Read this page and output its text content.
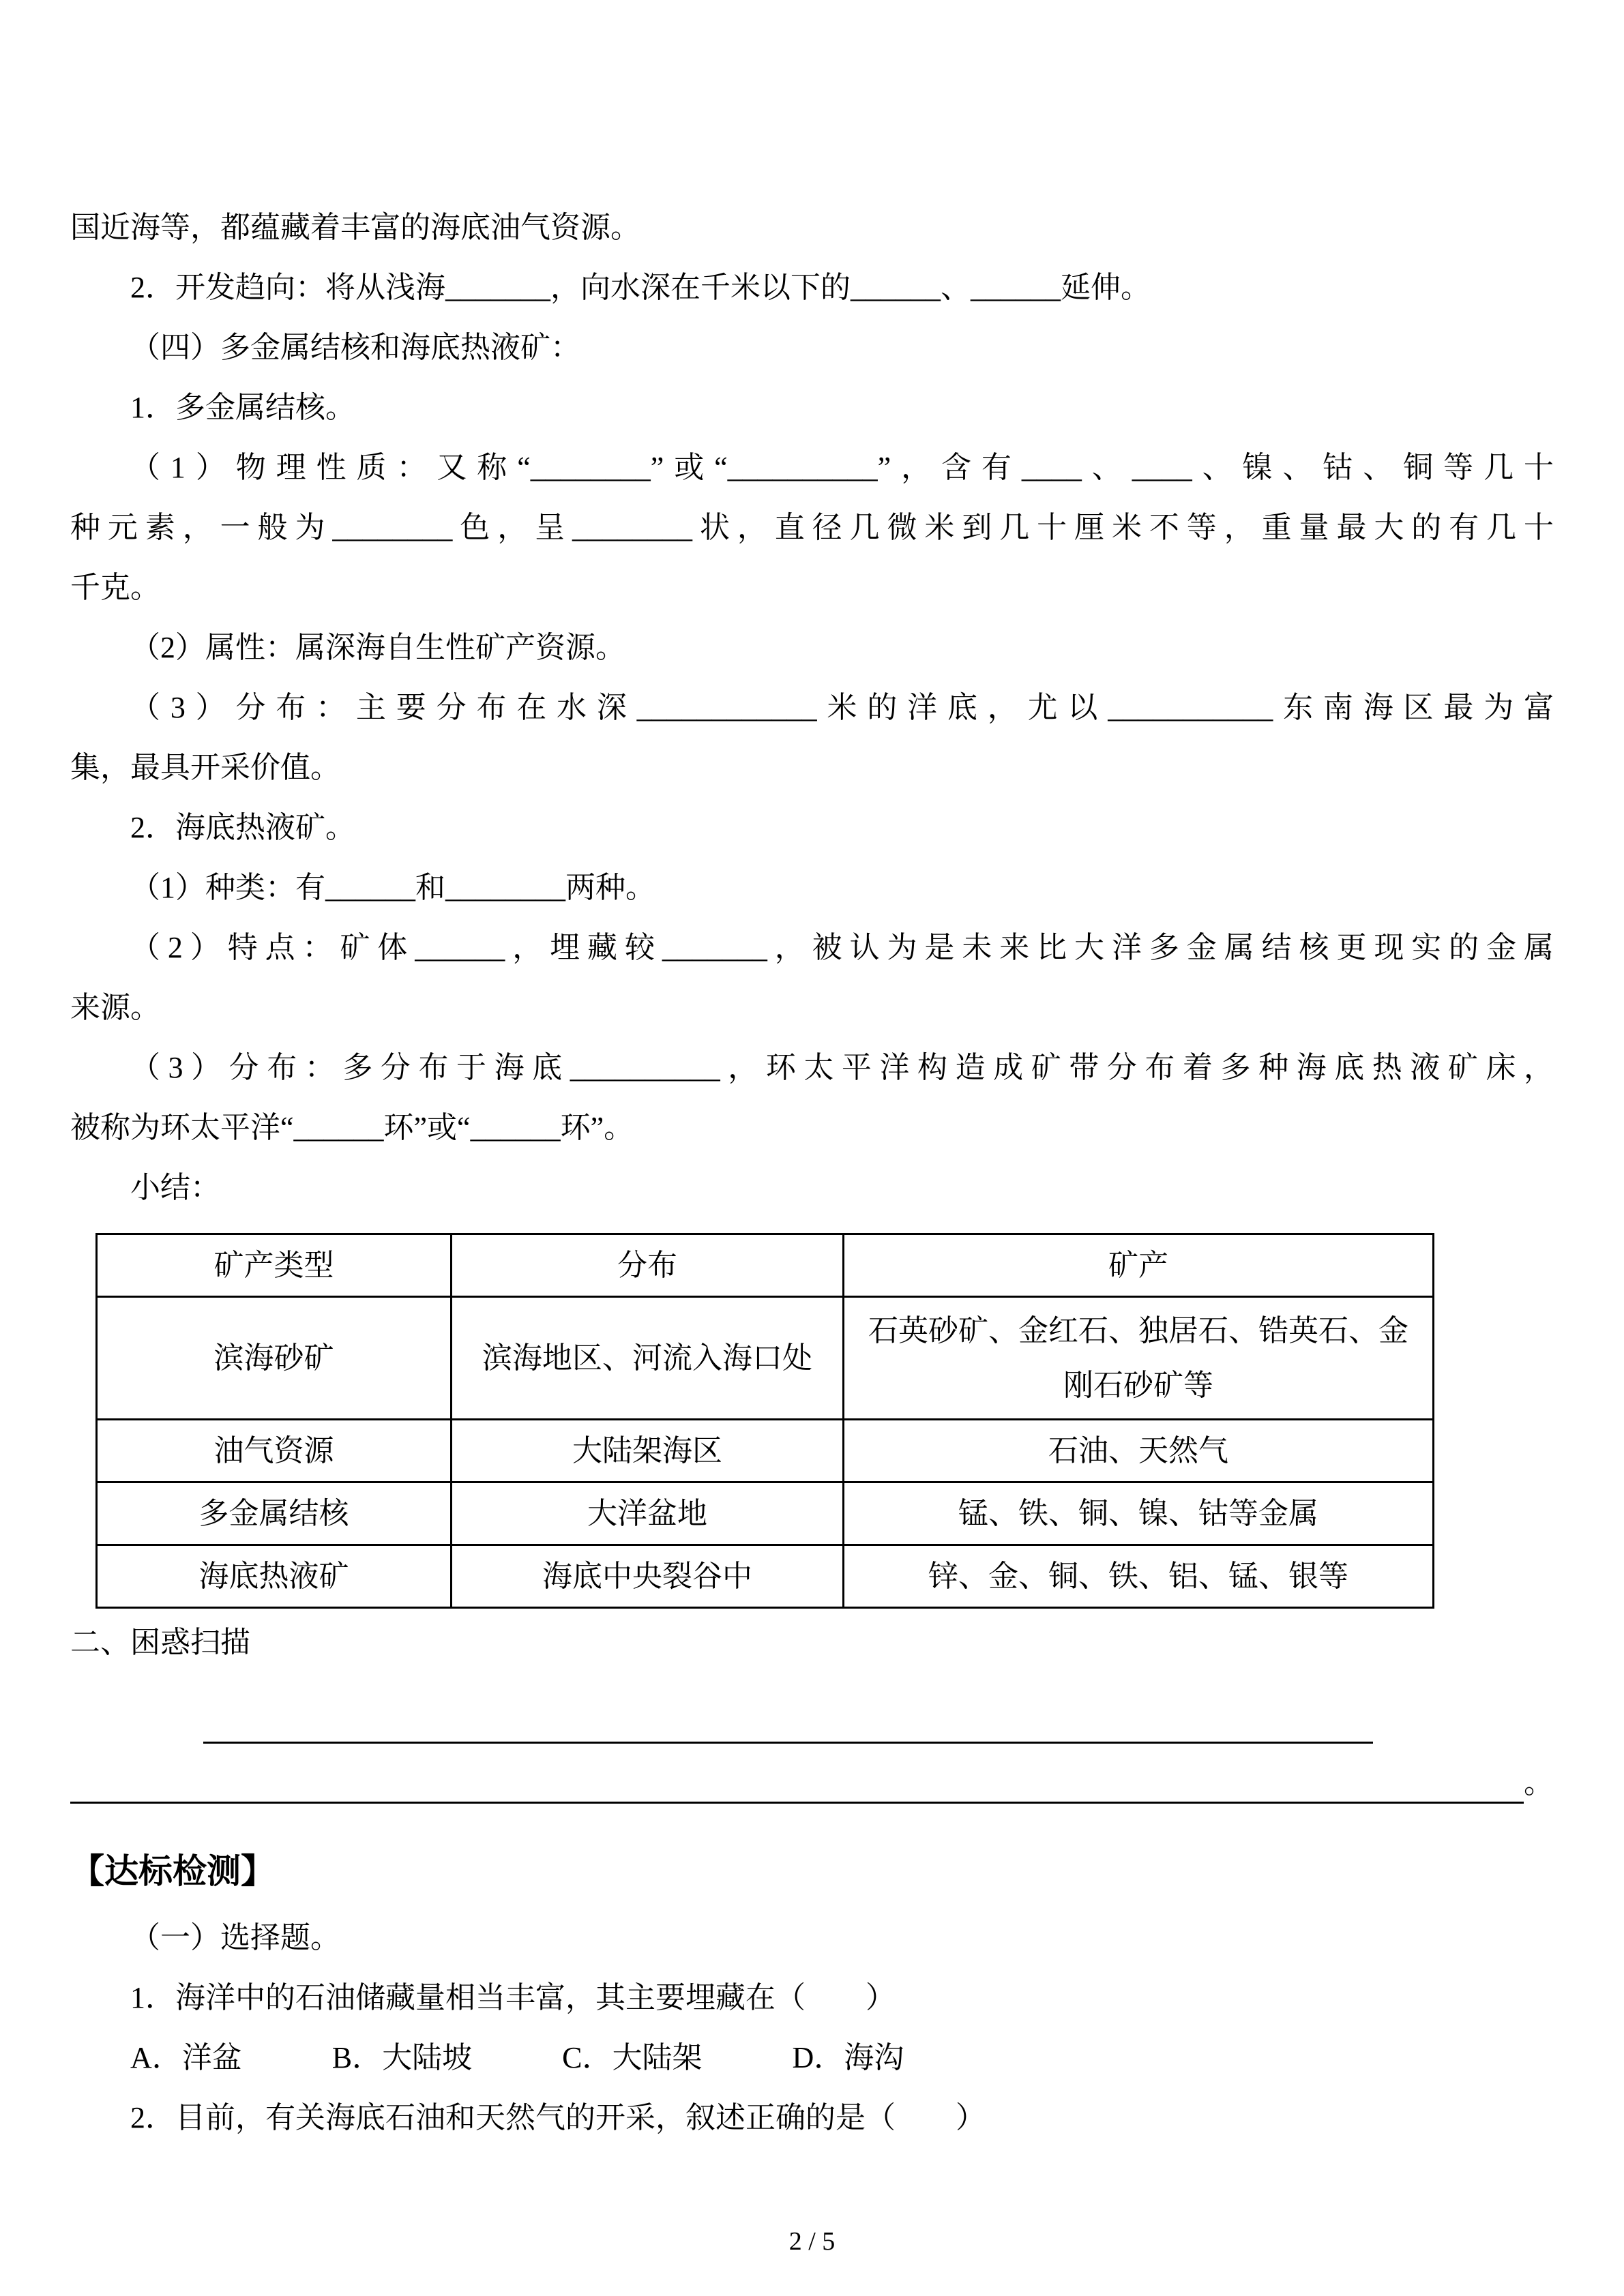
国近海等，都蕴藏着丰富的海底油气资源。
2．开发趋向：将从浅海_______，向水深在千米以下的______、______延伸。
（四）多金属结核和海底热液矿：
1．多金属结核。
（1）物理性质：又称“________”或“__________”，含有____、____、镍、钴、铜等几十
种元素，一般为________色，呈________状，直径几微米到几十厘米不等，重量最大的有几十
千克。
（2）属性：属深海自生性矿产资源。
（3）分布：主要分布在水深____________米的洋底，尤以___________东南海区最为富
集，最具开采价值。
2．海底热液矿。
（1）种类：有______和________两种。
（2）特点：矿体______，埋藏较_______，被认为是未来比大洋多金属结核更现实的金属
来源。
（3）分布：多分布于海底__________，环太平洋构造成矿带分布着多种海底热液矿床，
被称为环太平洋“______环”或“______环”。
小结：
矿产类型	分布	矿产
滨海砂矿	滨海地区、河流入海口处	石英砂矿、金红石、独居石、锆英石、金刚石砂矿等
油气资源	大陆架海区	石油、天然气
多金属结核	大洋盆地	锰、铁、铜、镍、钴等金属
海底热液矿	海底中央裂谷中	锌、金、铜、铁、铝、锰、银等
二、困惑扫描
。
【达标检测】
（一）选择题。
1．海洋中的石油储藏量相当丰富，其主要埋藏在（　　）
A．洋盆　　　B．大陆坡　　　C．大陆架　　　D．海沟
2．目前，有关海底石油和天然气的开采，叙述正确的是（　　）
2 / 5
